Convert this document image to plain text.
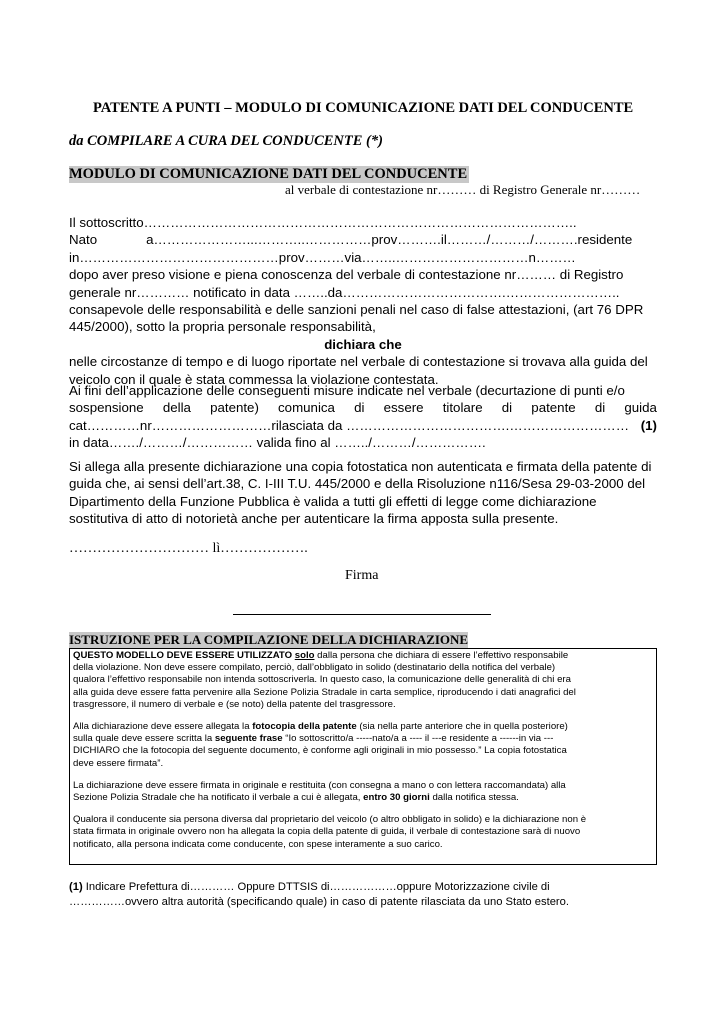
PATENTE A PUNTI – MODULO DI COMUNICAZIONE DATI DEL CONDUCENTE
da COMPILARE A CURA DEL CONDUCENTE (*)
MODULO DI COMUNICAZIONE DATI DEL CONDUCENTE
al verbale di contestazione nr……… di Registro Generale nr………
Il sottoscritto……………………………………………………………………………………..
Nato	a…………………...………..……………prov……….il………/………/……….residente
in………………………………………prov………via……..…………………………n………
dopo aver preso visione e piena conoscenza del verbale di contestazione nr……… di Registro
generale nr………… notificato in data ……..da……………………………….……………………..
consapevole delle responsabilità e delle sanzioni penali nel caso di false attestazioni, (art 76 DPR
445/2000), sotto la propria personale responsabilità,
dichiara che
nelle circostanze di tempo e di luogo riportate nel verbale di contestazione si trovava alla guida del
veicolo con il quale è stata commessa la violazione contestata.
Ai fini dell’applicazione delle conseguenti misure indicate nel verbale (decurtazione di punti e/o
sospensione della patente) comunica di essere titolare di patente di guida
cat…………nr………………………rilasciata da ……………………………….……………………… (1)
in data……./………/…………… valida fino al ……../………/…………….
Si allega alla presente dichiarazione una copia fotostatica non autenticata e firmata della patente di
guida che, ai sensi dell’art.38, C. I-III T.U. 445/2000 e della Risoluzione n116/Sesa 29-03-2000 del
Dipartimento della Funzione Pubblica è valida a tutti gli effetti di legge come dichiarazione
sostitutiva di atto di notorietà anche per autenticare la firma apposta sulla presente.
………………………… lì……………….
Firma
ISTRUZIONE PER LA COMPILAZIONE DELLA DICHIARAZIONE

QUESTO MODELLO DEVE ESSERE UTILIZZATO solo dalla persona che dichiara di essere l’effettivo responsabile
della violazione. Non deve essere compilato, perciò, dall’obbligato in solido (destinatario della notifica del verbale)
qualora l’effettivo responsabile non intenda sottoscriverla. In questo caso, la comunicazione delle generalità di chi era
alla guida deve essere fatta pervenire alla Sezione Polizia Stradale in carta semplice, riproducendo i dati anagrafici del
trasgressore, il numero di verbale e (se noto) della patente del trasgressore.

Alla dichiarazione deve essere allegata la fotocopia della patente (sia nella parte anteriore che in quella posteriore)
sulla quale deve essere scritta la seguente frase “Io sottoscritto/a -----nato/a a ---- il ---e residente a ------in via ---
DICHIARO che la fotocopia del seguente documento, è conforme agli originali in mio possesso.” La copia fotostatica
deve essere firmata”.

La dichiarazione deve essere firmata in originale e restituita (con consegna a mano o con lettera raccomandata) alla
Sezione Polizia Stradale che ha notificato il verbale a cui è allegata, entro 30 giorni dalla notifica stessa.

Qualora il conducente sia persona diversa dal proprietario del veicolo (o altro obbligato in solido) e la dichiarazione non è
stata firmata in originale ovvero non ha allegata la copia della patente di guida, il verbale di contestazione sarà di nuovo
notificato, alla persona indicata come conducente, con spese interamente a suo carico.

(1) Indicare Prefettura di………… Oppure DTTSIS di………………oppure Motorizzazione civile di
……………ovvero altra autorità (specificando quale) in caso di patente rilasciata da uno Stato estero.
